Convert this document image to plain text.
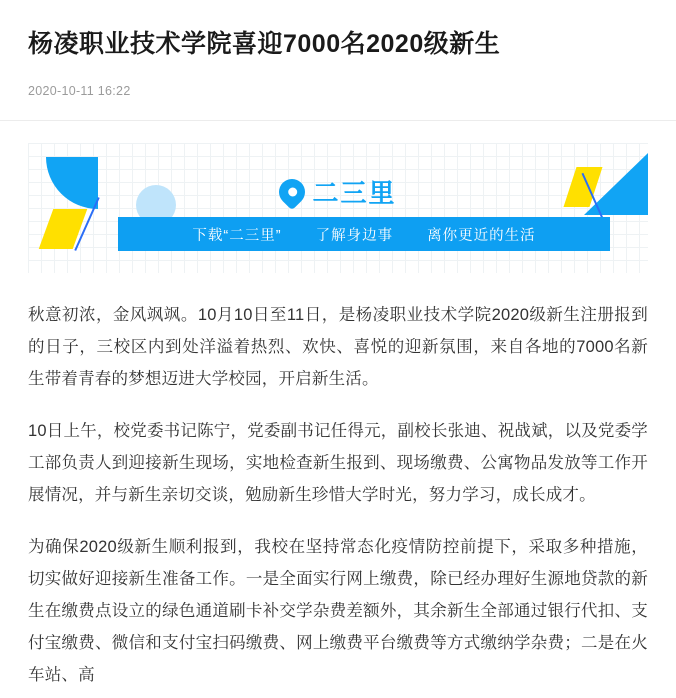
杨凌职业技术学院喜迎7000名2020级新生
2020-10-11 16:22
二三里
下载“二三里” 了解身边事 离你更近的生活

秋意初浓，金风飒飒。10月10日至11日，是杨凌职业技术学院2020级新生注册报到的日子，三校区内到处洋溢着热烈、欢快、喜悦的迎新氛围，来自各地的7000名新生带着青春的梦想迈进大学校园，开启新生活。

10日上午，校党委书记陈宁，党委副书记任得元，副校长张迪、祝战斌，以及党委学工部负责人到迎接新生现场，实地检查新生报到、现场缴费、公寓物品发放等工作开展情况，并与新生亲切交谈，勉励新生珍惜大学时光，努力学习，成长成才。

为确保2020级新生顺利报到，我校在坚持常态化疫情防控前提下，采取多种措施，切实做好迎接新生准备工作。一是全面实行网上缴费，除已经办理好生源地贷款的新生在缴费点设立的绿色通道刷卡补交学杂费差额外，其余新生全部通过银行代扣、支付宝缴费、微信和支付宝扫码缴费、网上缴费平台缴费等方式缴纳学杂费；二是在火车站、高
